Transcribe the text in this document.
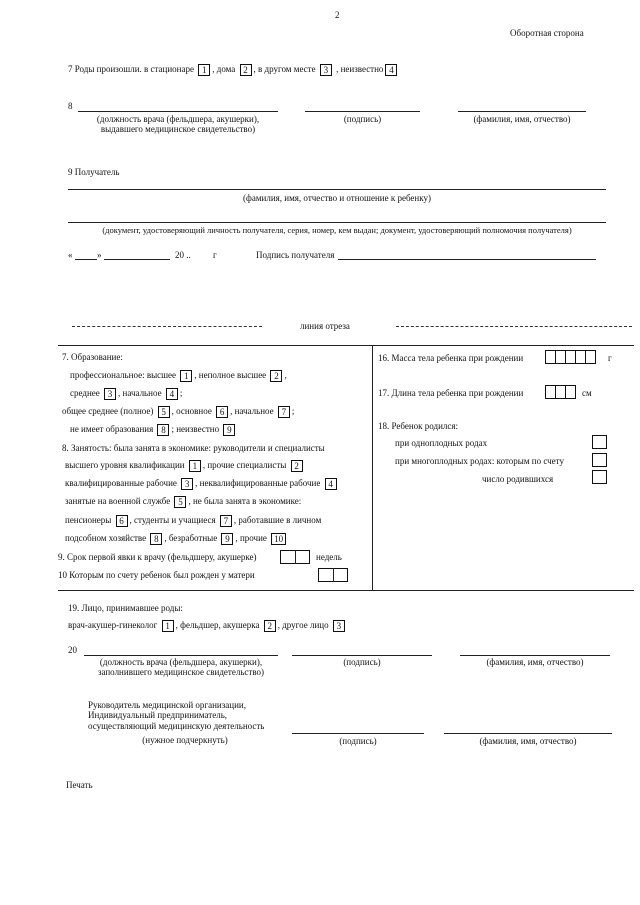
2
Оборотная сторона
7 Роды произошли. в стационаре 1 , дома 2 , в другом месте 3 , неизвестно 4
8
(должность врача (фельдшера, акушерки),
выдавшего медицинское свидетельство)
(подпись)	(фамилия, имя, отчество)
9 Получатель
(фамилия, имя, отчество и отношение к ребенку)
(документ, удостоверяющий личность получателя, серия, номер, кем выдан; документ, удостоверяющий полномочия получателя)
«	»	20 .. г	Подпись получателя
линия отреза
7. Образование:
профессиональное: высшее 1 , неполное высшее 2 ,
среднее 3 , начальное 4 ;
общее среднее (полное) 5 , основное 6 , начальное 7 ;
не имеет образования 8 ; неизвестно 9
8. Занятость: была занята в экономике: руководители и специалисты
высшего уровня квалификации 1 , прочие специалисты 2
квалифицированные рабочие 3 , неквалифицированные рабочие 4
занятые на военной службе 5 , не была занята в экономике:
пенсионеры 6 , студенты и учащиеся 7 , работавшие в личном
подсобном хозяйстве 8 , безработные 9 , прочие 10
9. Срок первой явки к врачу (фельдшеру, акушерке)	недель
10 Которым по счету ребенок был рожден у матери
16. Масса тела ребенка при рождении	г
17. Длина тела ребенка при рождении	см
18. Ребенок родился:
при одноплодных родах
при многоплодных родах: которым по счету
число родившихся
19. Лицо, принимавшее роды:
врач-акушер-гинеколог 1 , фельдшер, акушерка 2 , другое лицо 3
20
(должность врача (фельдшера, акушерки),
заполнившего медицинское свидетельство)
(подпись)	(фамилия, имя, отчество)
Руководитель медицинской организации,
Индивидуальный предприниматель,
осуществляющий медицинскую деятельность
(нужное подчеркнуть)	(подпись)	(фамилия, имя, отчество)
Печать
